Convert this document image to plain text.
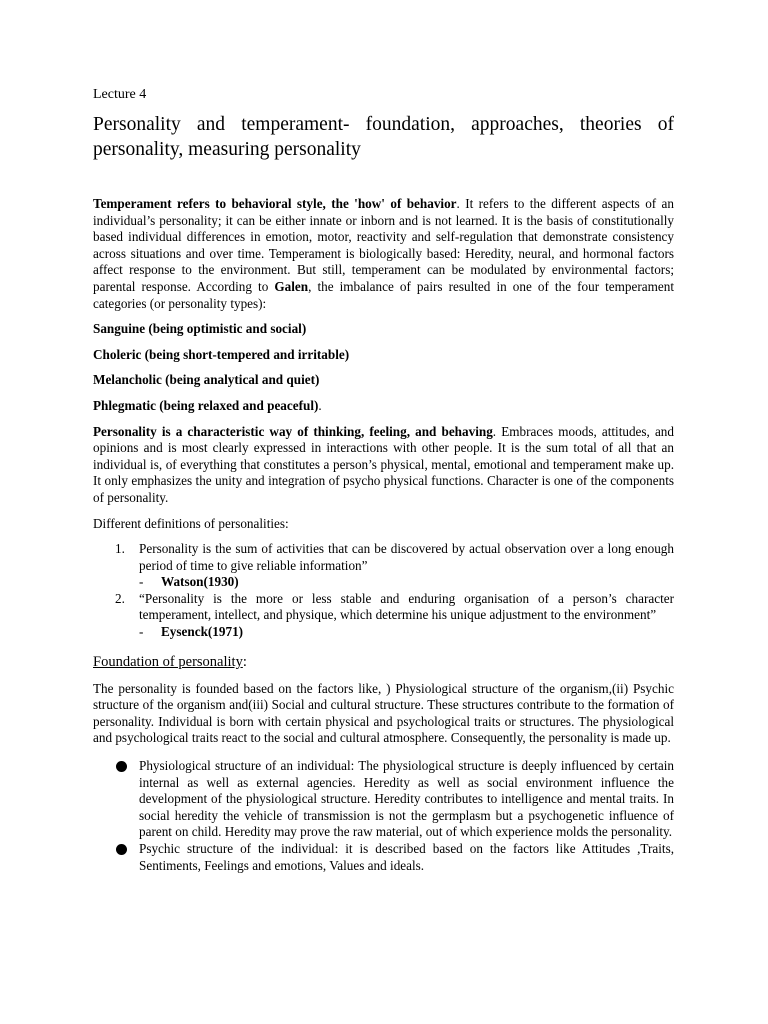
Lecture 4

Personality and temperament- foundation, approaches, theories of personality, measuring personality

Temperament refers to behavioral style, the 'how' of behavior. It refers to the different aspects of an individual’s personality; it can be either innate or inborn and is not learned. It is the basis of constitutionally based individual differences in emotion, motor, reactivity and self-regulation that demonstrate consistency across situations and over time. Temperament is biologically based: Heredity, neural, and hormonal factors affect response to the environment. But still, temperament can be modulated by environmental factors; parental response. According to Galen, the imbalance of pairs resulted in one of the four temperament categories (or personality types):

Sanguine (being optimistic and social)

Choleric (being short-tempered and irritable)

Melancholic (being analytical and quiet)

Phlegmatic (being relaxed and peaceful).

Personality is a characteristic way of thinking, feeling, and behaving. Embraces moods, attitudes, and opinions and is most clearly expressed in interactions with other people. It is the sum total of all that an individual is, of everything that constitutes a person’s physical, mental, emotional and temperament make up. It only emphasizes the unity and integration of psycho physical functions. Character is one of the components of personality.

Different definitions of personalities:

1. Personality is the sum of activities that can be discovered by actual observation over a long enough period of time to give reliable information”
- Watson(1930)
2. “Personality is the more or less stable and enduring organisation of a person’s character temperament, intellect, and physique, which determine his unique adjustment to the environment”
- Eysenck(1971)
Foundation of personality:

The personality is founded based on the factors like, ) Physiological structure of the organism,(ii) Psychic structure of the organism and(iii) Social and cultural structure. These structures contribute to the formation of personality. Individual is born with certain physical and psychological traits or structures. The physiological and psychological traits react to the social and cultural atmosphere. Consequently, the personality is made up.

Physiological structure of an individual: The physiological structure is deeply influenced by certain internal as well as external agencies. Heredity as well as social environment influence the development of the physiological structure. Heredity contributes to intelligence and mental traits. In social heredity the vehicle of transmission is not the germplasm but a psychogenetic influence of parent on child. Heredity may prove the raw material, out of which experience molds the personality.
Psychic structure of the individual: it is described based on the factors like Attitudes ,Traits, Sentiments, Feelings and emotions, Values and ideals.
